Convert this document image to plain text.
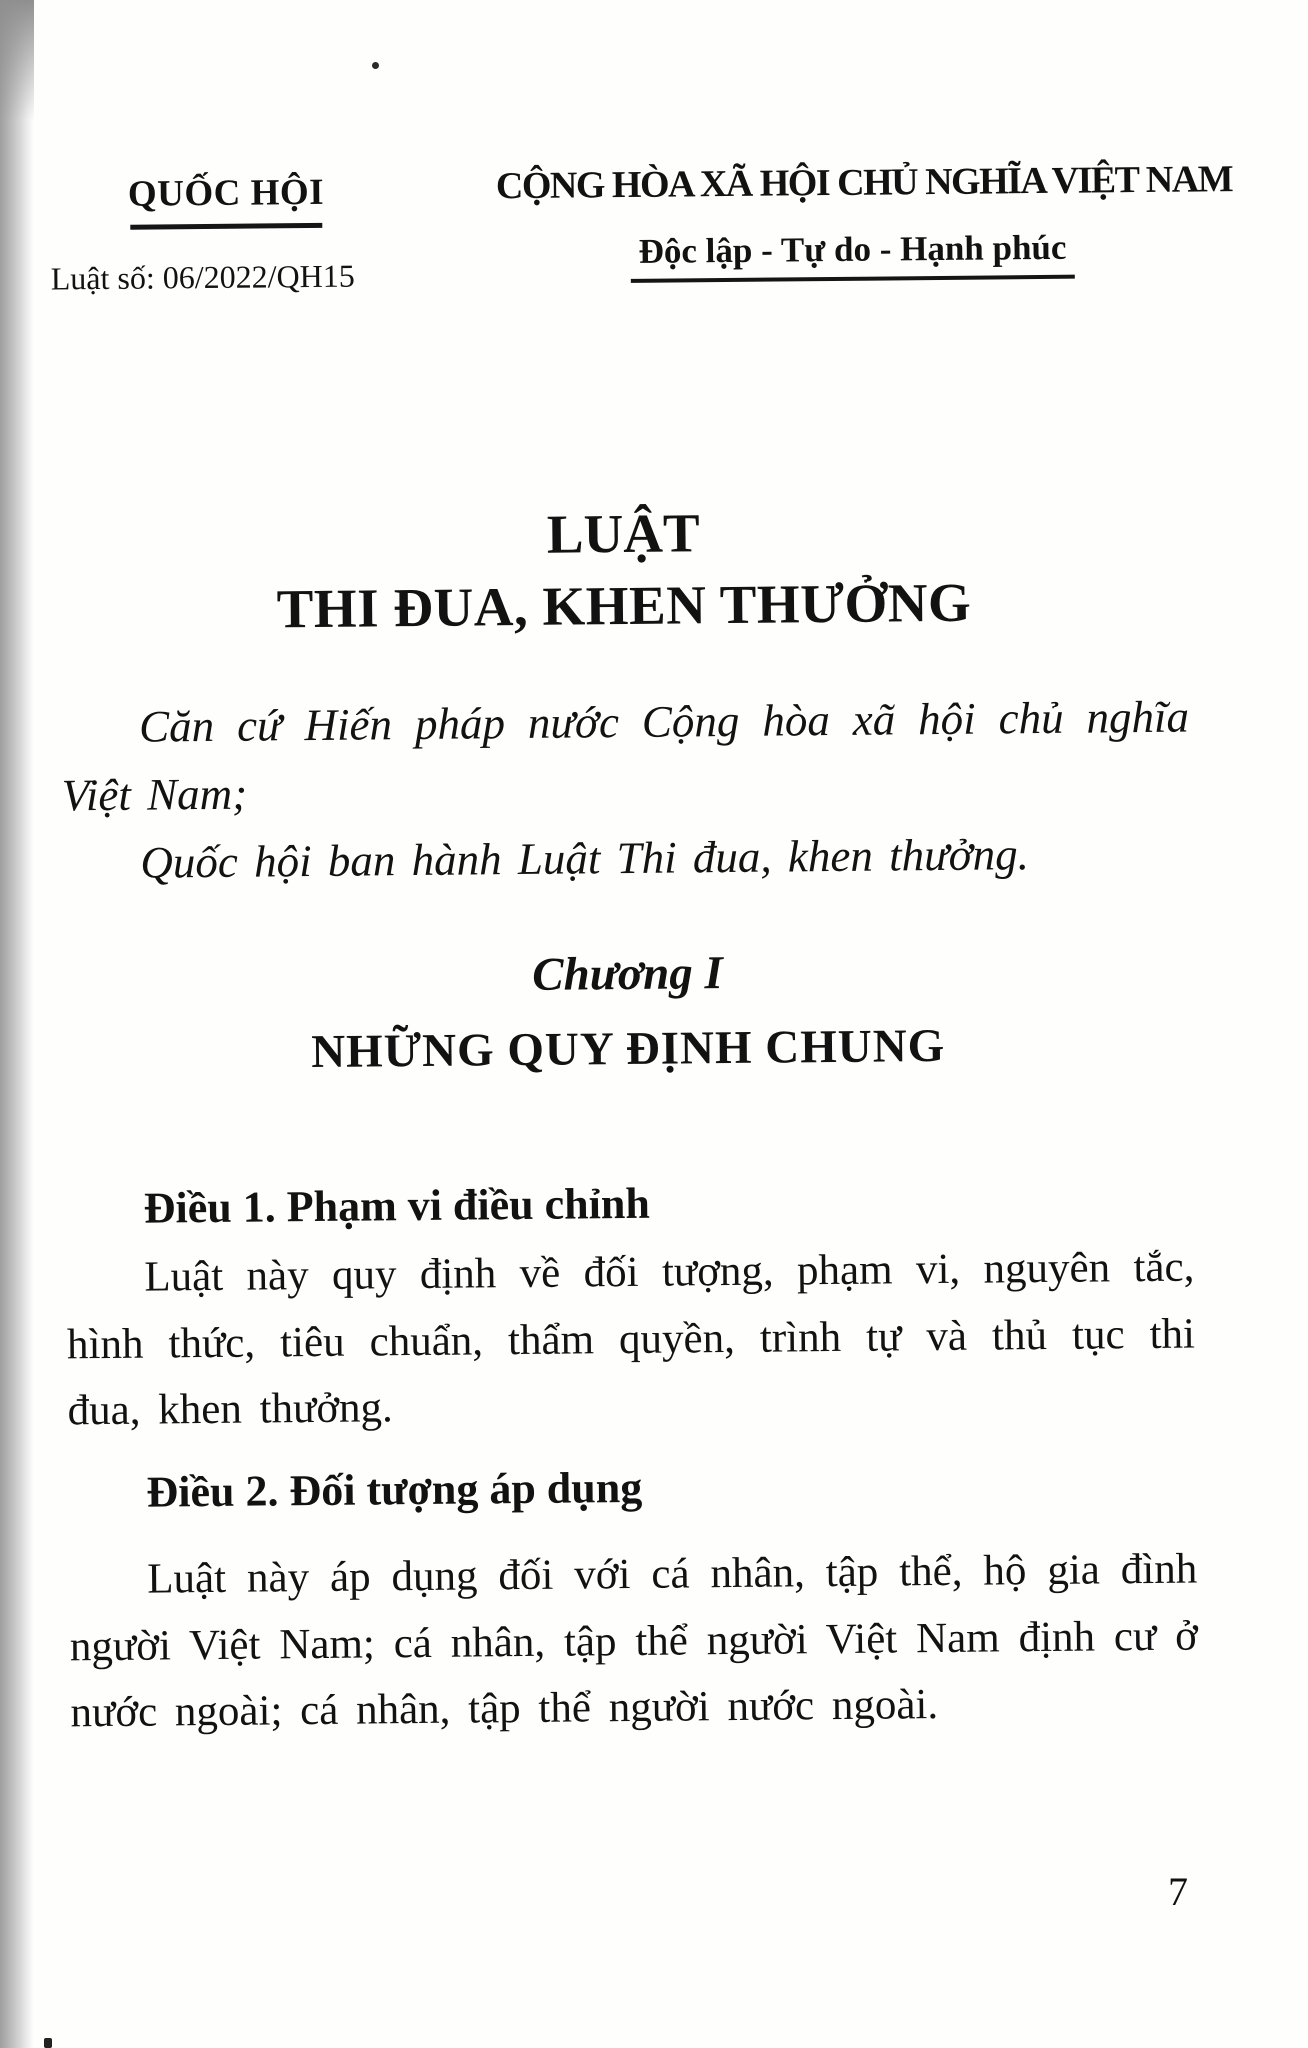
QUỐC HỘI
Luật số: 06/2022/QH15
CỘNG HÒA XÃ HỘI CHỦ NGHĨA VIỆT NAM
Độc lập - Tự do - Hạnh phúc
LUẬT
THI ĐUA, KHEN THƯỞNG

Căn cứ Hiến pháp nước Cộng hòa xã hội chủ nghĩa Việt Nam;

Quốc hội ban hành Luật Thi đua, khen thưởng.

Chương I
NHỮNG QUY ĐỊNH CHUNG
Điều 1. Phạm vi điều chỉnh
Luật này quy định về đối tượng, phạm vi, nguyên tắc, hình thức, tiêu chuẩn, thẩm quyền, trình tự và thủ tục thi đua, khen thưởng.
Điều 2. Đối tượng áp dụng
Luật này áp dụng đối với cá nhân, tập thể, hộ gia đình người Việt Nam; cá nhân, tập thể người Việt Nam định cư ở nước ngoài; cá nhân, tập thể người nước ngoài.
7
